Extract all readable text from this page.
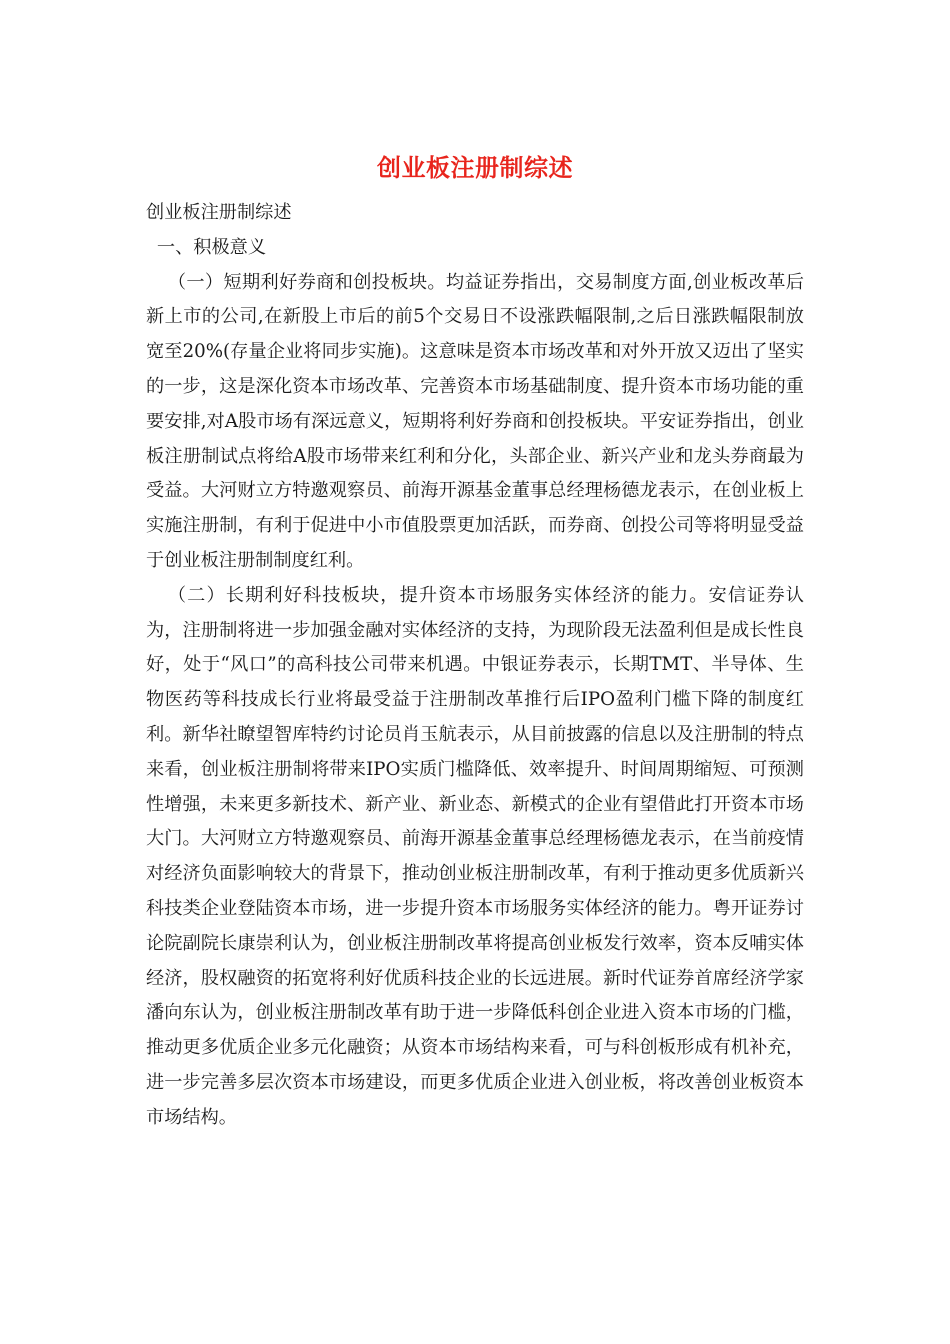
创业板注册制综述

创业板注册制综述

一、积极意义

（一）短期利好券商和创投板块。均益证券指出，交易制度方面,创业板改革后新上市的公司,在新股上市后的前5个交易日不设涨跌幅限制,之后日涨跌幅限制放宽至20%(存量企业将同步实施)。这意味是资本市场改革和对外开放又迈出了坚实的一步，这是深化资本市场改革、完善资本市场基础制度、提升资本市场功能的重要安排,对A股市场有深远意义，短期将利好券商和创投板块。平安证券指出，创业板注册制试点将给A股市场带来红利和分化，头部企业、新兴产业和龙头券商最为受益。大河财立方特邀观察员、前海开源基金董事总经理杨德龙表示，在创业板上实施注册制，有利于促进中小市值股票更加活跃，而券商、创投公司等将明显受益于创业板注册制制度红利。

（二）长期利好科技板块，提升资本市场服务实体经济的能力。安信证券认为，注册制将进一步加强金融对实体经济的支持，为现阶段无法盈利但是成长性良好，处于“风口”的高科技公司带来机遇。中银证券表示，长期TMT、半导体、生物医药等科技成长行业将最受益于注册制改革推行后IPO盈利门槛下降的制度红利。新华社瞭望智库特约讨论员肖玉航表示，从目前披露的信息以及注册制的特点来看，创业板注册制将带来IPO实质门槛降低、效率提升、时间周期缩短、可预测性增强，未来更多新技术、新产业、新业态、新模式的企业有望借此打开资本市场大门。大河财立方特邀观察员、前海开源基金董事总经理杨德龙表示，在当前疫情对经济负面影响较大的背景下，推动创业板注册制改革，有利于推动更多优质新兴科技类企业登陆资本市场，进一步提升资本市场服务实体经济的能力。粤开证券讨论院副院长康崇利认为，创业板注册制改革将提高创业板发行效率，资本反哺实体经济，股权融资的拓宽将利好优质科技企业的长远进展。新时代证券首席经济学家潘向东认为，创业板注册制改革有助于进一步降低科创企业进入资本市场的门槛，推动更多优质企业多元化融资；从资本市场结构来看，可与科创板形成有机补充，进一步完善多层次资本市场建设，而更多优质企业进入创业板，将改善创业板资本市场结构。
